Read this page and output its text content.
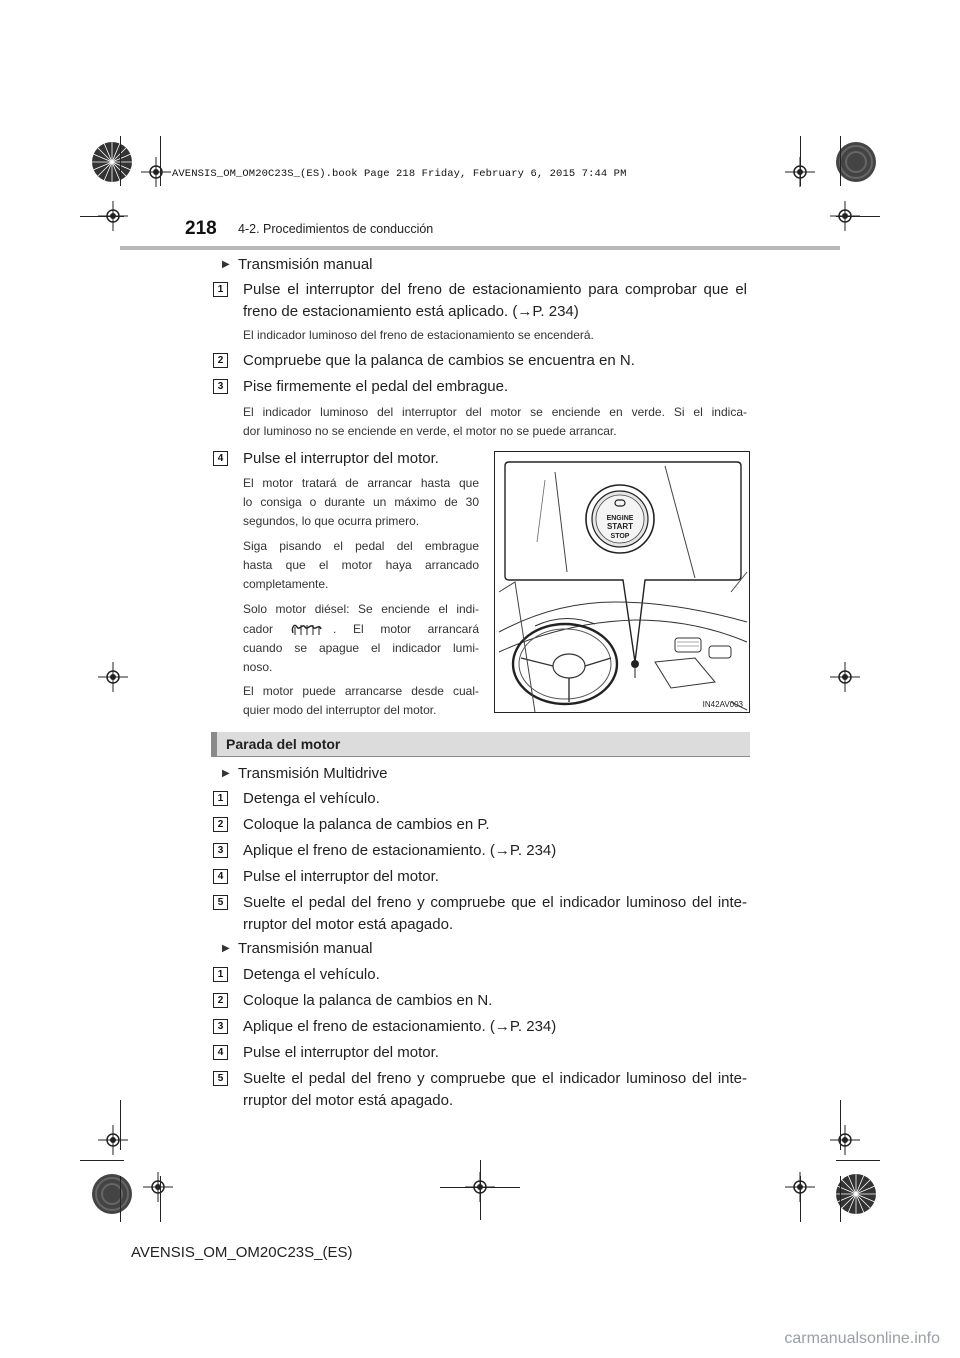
AVENSIS_OM_OM20C23S_(ES).book Page 218 Friday, February 6, 2015 7:44 PM
218 4-2. Procedimientos de conducción
▶ Transmisión manual
1	Pulse el interruptor del freno de estacionamiento para comprobar que el
freno de estacionamiento está aplicado. (→P. 234)
El indicador luminoso del freno de estacionamiento se encenderá.
2	Compruebe que la palanca de cambios se encuentra en N.
3	Pise firmemente el pedal del embrague.
El indicador luminoso del interruptor del motor se enciende en verde. Si el indica-
dor luminoso no se enciende en verde, el motor no se puede arrancar.
4	Pulse el interruptor del motor.
El motor tratará de arrancar hasta que
lo consiga o durante un máximo de 30
segundos, lo que ocurra primero.
Siga pisando el pedal del embrague
hasta que el motor haya arrancado
completamente.
Solo motor diésel: Se enciende el indi-
cador	. El motor arrancará
cuando se apague el indicador lumi-
noso.
El motor puede arrancarse desde cual-
quier modo del interruptor del motor.
ENGINE
START
STOP
IN42AV003
Parada del motor
▶ Transmisión Multidrive
1	Detenga el vehículo.
2	Coloque la palanca de cambios en P.
3	Aplique el freno de estacionamiento. (→P. 234)
4	Pulse el interruptor del motor.
5	Suelte el pedal del freno y compruebe que el indicador luminoso del inte-
rruptor del motor está apagado.
▶ Transmisión manual
1	Detenga el vehículo.
2	Coloque la palanca de cambios en N.
3	Aplique el freno de estacionamiento. (→P. 234)
4	Pulse el interruptor del motor.
5	Suelte el pedal del freno y compruebe que el indicador luminoso del inte-
rruptor del motor está apagado.
AVENSIS_OM_OM20C23S_(ES)
carmanualsonline.info
